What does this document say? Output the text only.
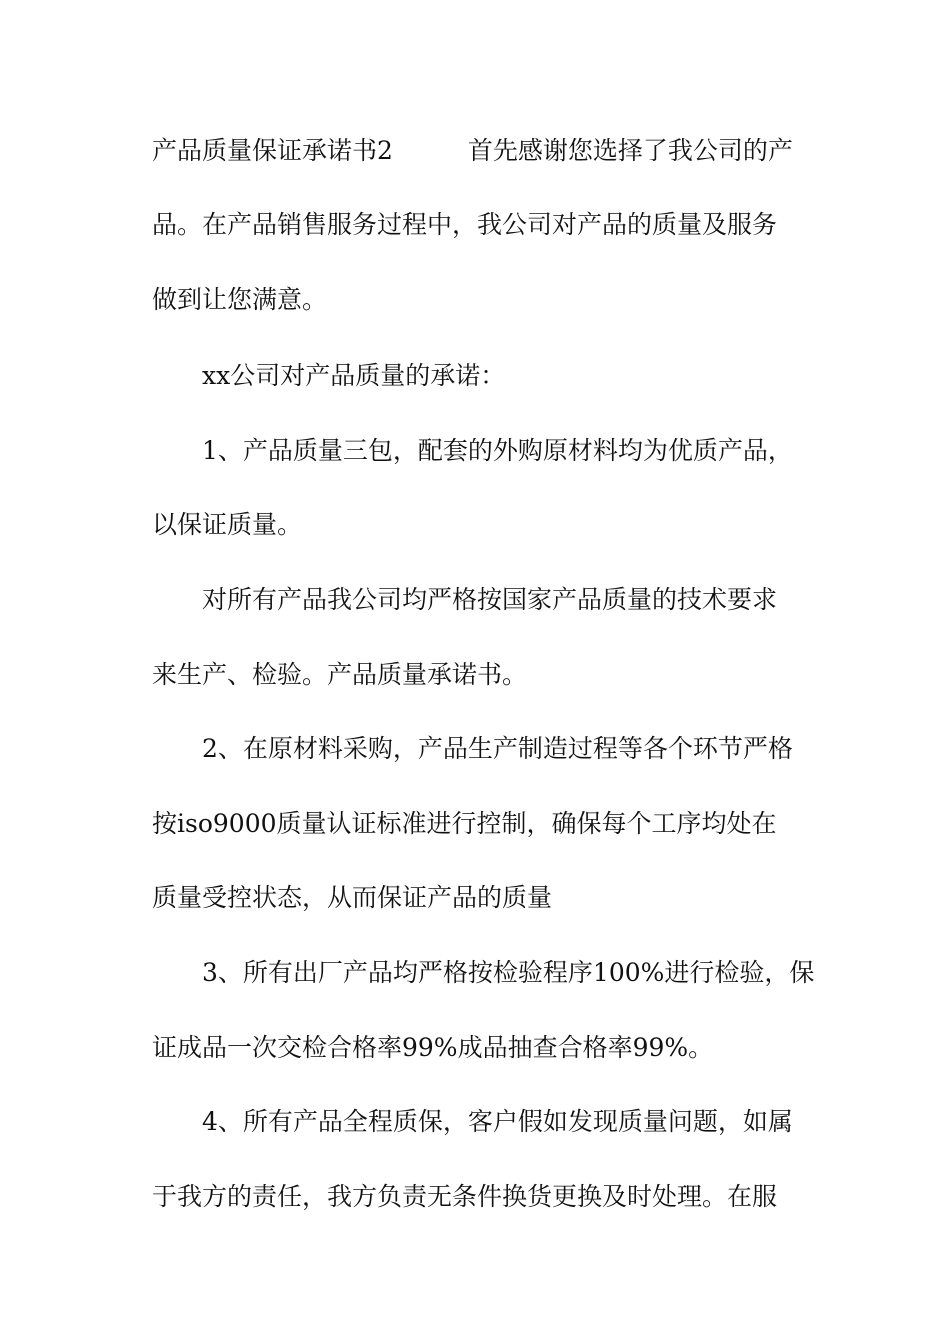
产品质量保证承诺书2　　　首先感谢您选择了我公司的产
品。在产品销售服务过程中，我公司对产品的质量及服务
做到让您满意。
xx公司对产品质量的承诺：
1、产品质量三包，配套的外购原材料均为优质产品，
以保证质量。
对所有产品我公司均严格按国家产品质量的技术要求
来生产、检验。产品质量承诺书。
2、在原材料采购，产品生产制造过程等各个环节严格
按iso9000质量认证标准进行控制，确保每个工序均处在
质量受控状态，从而保证产品的质量
3、所有出厂产品均严格按检验程序100%进行检验，保
证成品一次交检合格率99%成品抽查合格率99%。
4、所有产品全程质保，客户假如发现质量问题，如属
于我方的责任，我方负责无条件换货更换及时处理。在服
